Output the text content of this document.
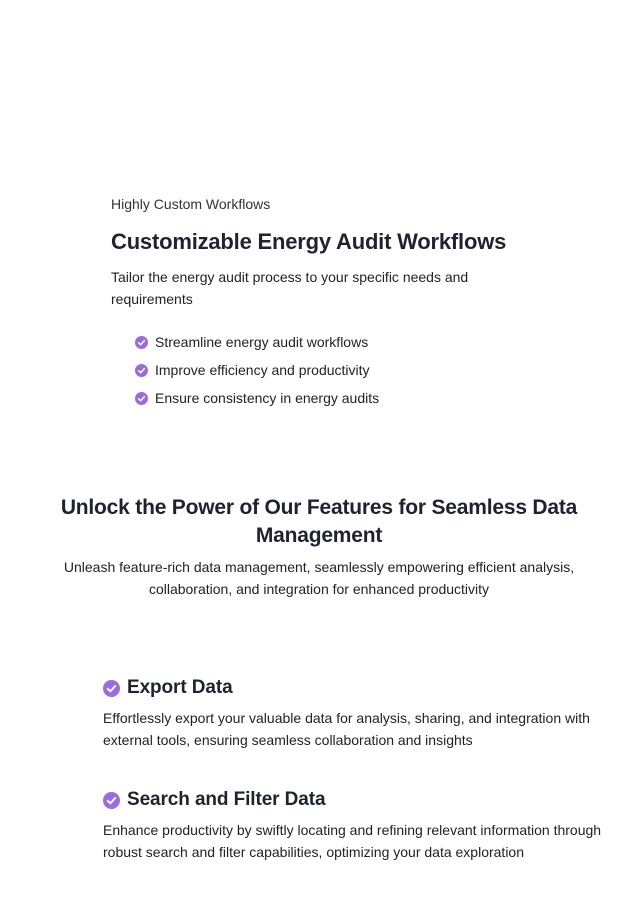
Highly Custom Workflows

Customizable Energy Audit Workflows

Tailor the energy audit process to your specific needs and requirements

Streamline energy audit workflows
Improve efficiency and productivity
Ensure consistency in energy audits
Unlock the Power of Our Features for Seamless Data Management

Unleash feature-rich data management, seamlessly empowering efficient analysis, collaboration, and integration for enhanced productivity

Export Data

Effortlessly export your valuable data for analysis, sharing, and integration with external tools, ensuring seamless collaboration and insights

Search and Filter Data

Enhance productivity by swiftly locating and refining relevant information through robust search and filter capabilities, optimizing your data exploration
